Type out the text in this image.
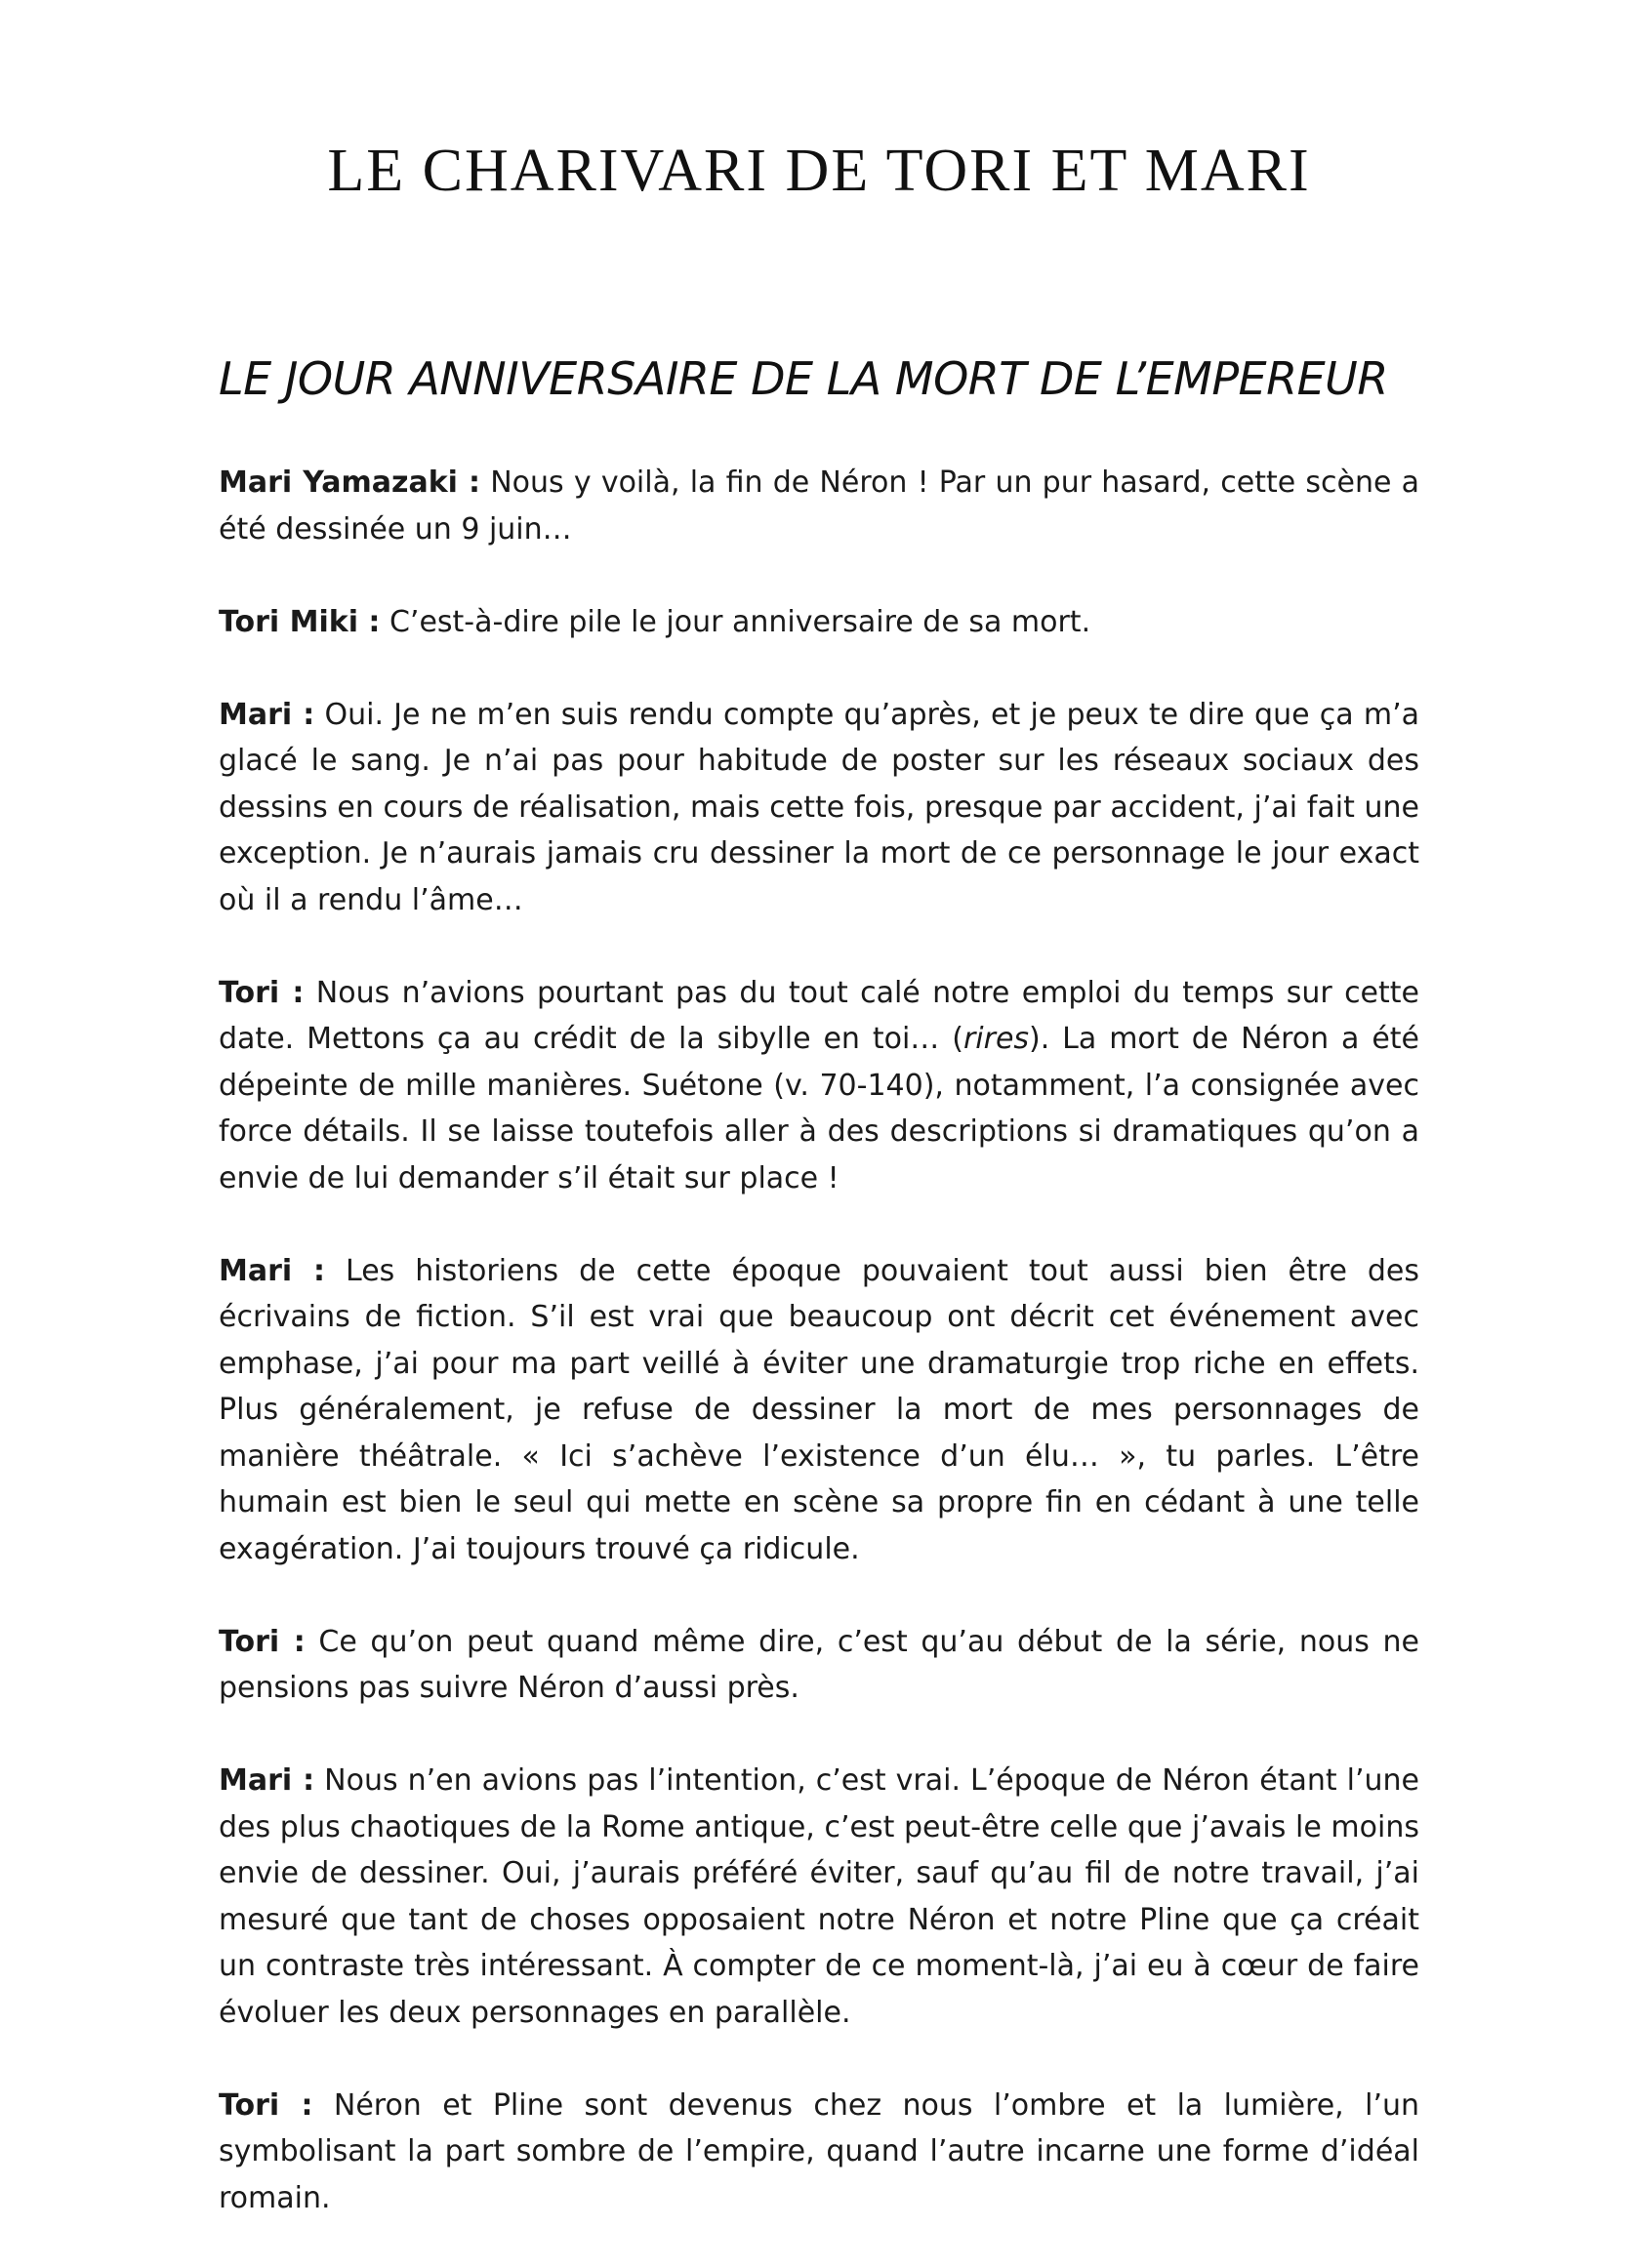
LE CHARIVARI DE TORI ET MARI
LE JOUR ANNIVERSAIRE DE LA MORT DE L’EMPEREUR

Mari Yamazaki : Nous y voilà, la fin de Néron ! Par un pur hasard, cette scène a été dessinée un 9 juin…

Tori Miki : C’est-à-dire pile le jour anniversaire de sa mort.

Mari : Oui. Je ne m’en suis rendu compte qu’après, et je peux te dire que ça m’a glacé le sang. Je n’ai pas pour habitude de poster sur les réseaux sociaux des dessins en cours de réalisation, mais cette fois, presque par accident, j’ai fait une exception. Je n’aurais jamais cru dessiner la mort de ce personnage le jour exact où il a rendu l’âme…

Tori : Nous n’avions pourtant pas du tout calé notre emploi du temps sur cette date. Mettons ça au crédit de la sibylle en toi… (rires). La mort de Néron a été dépeinte de mille manières. Suétone (v. 70-140), notamment, l’a consignée avec force détails. Il se laisse toutefois aller à des descriptions si dramatiques qu’on a envie de lui demander s’il était sur place !

Mari : Les historiens de cette époque pouvaient tout aussi bien être des écrivains de fiction. S’il est vrai que beaucoup ont décrit cet événement avec emphase, j’ai pour ma part veillé à éviter une dramaturgie trop riche en effets. Plus généralement, je refuse de dessiner la mort de mes personnages de manière théâtrale. « Ici s’achève l’existence d’un élu… », tu parles. L’être humain est bien le seul qui mette en scène sa propre fin en cédant à une telle exagération. J’ai toujours trouvé ça ridicule.

Tori : Ce qu’on peut quand même dire, c’est qu’au début de la série, nous ne pensions pas suivre Néron d’aussi près.

Mari : Nous n’en avions pas l’intention, c’est vrai. L’époque de Néron étant l’une des plus chaotiques de la Rome antique, c’est peut-être celle que j’avais le moins envie de dessiner. Oui, j’aurais préféré éviter, sauf qu’au fil de notre travail, j’ai mesuré que tant de choses opposaient notre Néron et notre Pline que ça créait un contraste très intéressant. À compter de ce moment-là, j’ai eu à cœur de faire évoluer les deux personnages en parallèle.

Tori : Néron et Pline sont devenus chez nous l’ombre et la lumière, l’un symbolisant la part sombre de l’empire, quand l’autre incarne une forme d’idéal romain.
